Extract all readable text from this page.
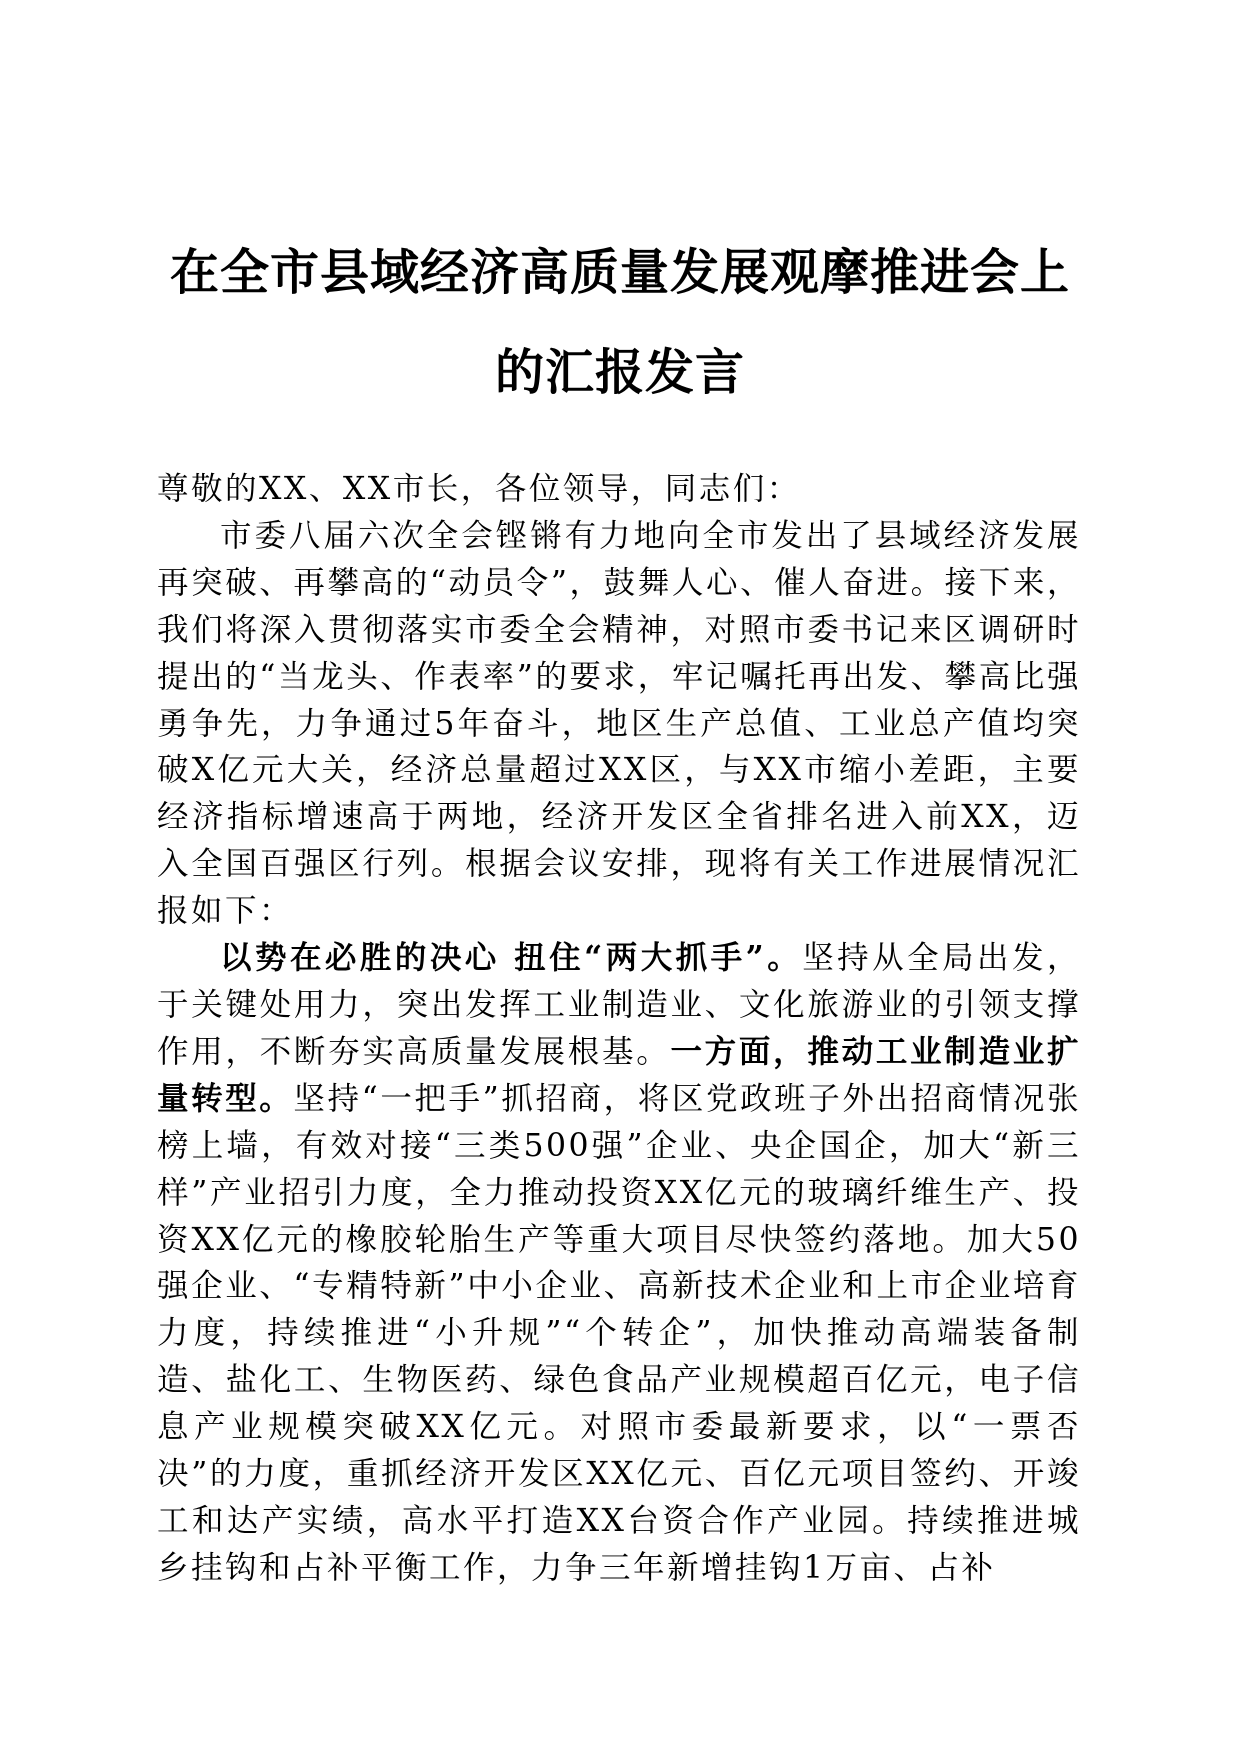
在全市县域经济高质量发展观摩推进会上的汇报发言

尊敬的XX、XX市长，各位领导，同志们：

市委八届六次全会铿锵有力地向全市发出了县域经济发展再突破、再攀高的“动员令”，鼓舞人心、催人奋进。接下来，我们将深入贯彻落实市委全会精神，对照市委书记来区调研时提出的“当龙头、作表率”的要求，牢记嘱托再出发、攀高比强勇争先，力争通过5年奋斗，地区生产总值、工业总产值均突破X亿元大关，经济总量超过XX区，与XX市缩小差距，主要经济指标增速高于两地，经济开发区全省排名进入前XX，迈入全国百强区行列。根据会议安排，现将有关工作进展情况汇报如下：

以势在必胜的决心 扭住“两大抓手”。坚持从全局出发，于关键处用力，突出发挥工业制造业、文化旅游业的引领支撑作用，不断夯实高质量发展根基。一方面，推动工业制造业扩量转型。坚持“一把手”抓招商，将区党政班子外出招商情况张榜上墙，有效对接“三类500强”企业、央企国企，加大“新三样”产业招引力度，全力推动投资XX亿元的玻璃纤维生产、投资XX亿元的橡胶轮胎生产等重大项目尽快签约落地。加大50强企业、“专精特新”中小企业、高新技术企业和上市企业培育力度，持续推进“小升规”“个转企”，加快推动高端装备制造、盐化工、生物医药、绿色食品产业规模超百亿元，电子信息产业规模突破XX亿元。对照市委最新要求，以“一票否决”的力度，重抓经济开发区XX亿元、百亿元项目签约、开竣工和达产实绩，高水平打造XX台资合作产业园。持续推进城乡挂钩和占补平衡工作，力争三年新增挂钩1万亩、占补
